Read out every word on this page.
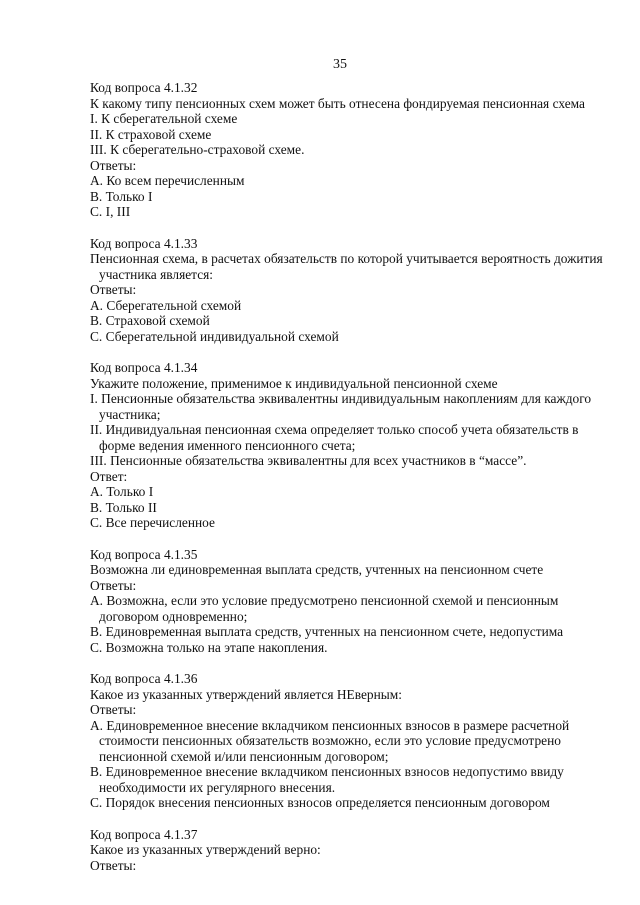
35
Код вопроса 4.1.32
К какому типу пенсионных схем может быть отнесена фондируемая пенсионная схема
I. К сберегательной схеме
II. К страховой схеме
III. К сберегательно-страховой схеме.
Ответы:
A. Ко всем перечисленным
B. Только I
C. I, III
Код вопроса 4.1.33
Пенсионная схема, в расчетах обязательств по которой учитывается вероятность дожития
участника является:
Ответы:
A. Сберегательной схемой
B. Страховой схемой
C. Сберегательной индивидуальной схемой
Код вопроса 4.1.34
Укажите положение, применимое к индивидуальной пенсионной схеме
I. Пенсионные обязательства эквивалентны индивидуальным накоплениям для каждого
участника;
II. Индивидуальная пенсионная схема определяет только способ учета обязательств в
форме ведения именного пенсионного счета;
III. Пенсионные обязательства эквивалентны для всех участников в “массе”.
Ответ:
A. Только I
B. Только II
C. Все перечисленное
Код вопроса 4.1.35
Возможна ли единовременная выплата средств, учтенных на пенсионном счете
Ответы:
A. Возможна, если это условие предусмотрено пенсионной схемой и пенсионным
договором одновременно;
B. Единовременная выплата средств, учтенных на пенсионном счете, недопустима
C. Возможна только на этапе накопления.
Код вопроса 4.1.36
Какое из указанных утверждений является НЕверным:
Ответы:
A. Единовременное внесение вкладчиком пенсионных взносов в размере расчетной
стоимости пенсионных обязательств возможно, если это условие предусмотрено
пенсионной схемой и/или пенсионным договором;
B. Единовременное внесение вкладчиком пенсионных взносов недопустимо ввиду
необходимости их регулярного внесения.
C. Порядок внесения пенсионных взносов определяется пенсионным договором
Код вопроса 4.1.37
Какое из указанных утверждений верно:
Ответы:
